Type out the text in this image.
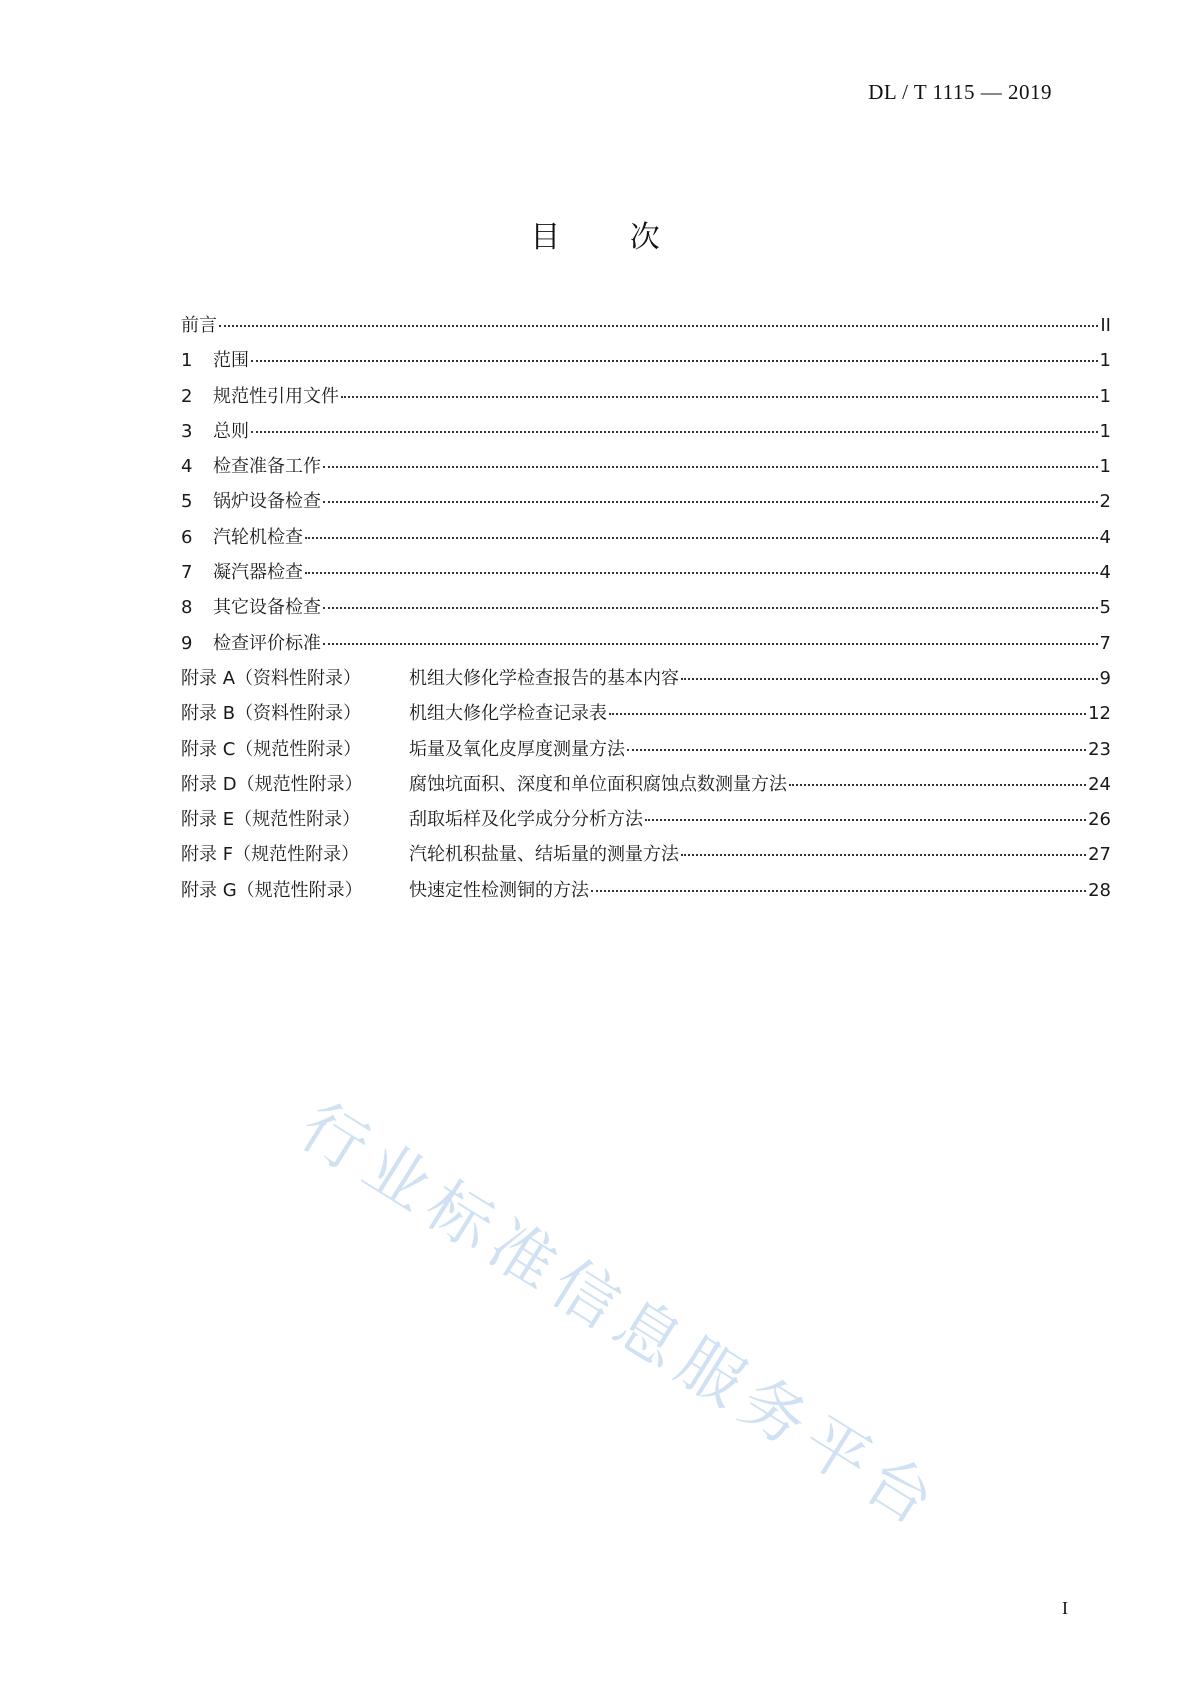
DL / T 1115 — 2019
目 次
前言	II
1	范围	1
2	规范性引用文件	1
3	总则	1
4	检查准备工作	1
5	锅炉设备检查	2
6	汽轮机检查	4
7	凝汽器检查	4
8	其它设备检查	5
9	检查评价标准	7
附录 A（资料性附录）	机组大修化学检查报告的基本内容	9
附录 B（资料性附录）	机组大修化学检查记录表	12
附录 C（规范性附录）	垢量及氧化皮厚度测量方法	23
附录 D（规范性附录）	腐蚀坑面积、深度和单位面积腐蚀点数测量方法	24
附录 E（规范性附录）	刮取垢样及化学成分分析方法	26
附录 F（规范性附录）	汽轮机积盐量、结垢量的测量方法	27
附录 G（规范性附录）	快速定性检测铜的方法	28
行业标准信息服务平台
I
